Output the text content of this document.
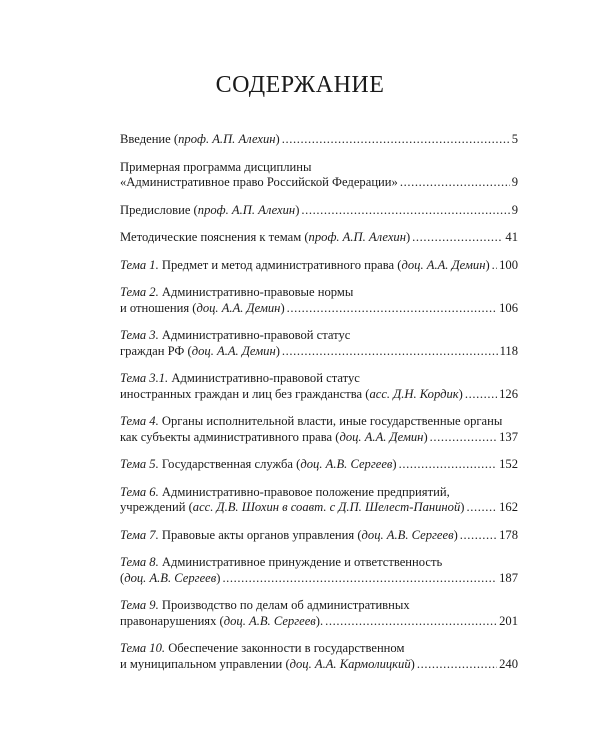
СОДЕРЖАНИЕ
Введение (проф. А.П. Алехин) .....	5
Примерная программа дисциплины
«Административное право Российской Федерации» .....	9
Предисловие (проф. А.П. Алехин) .....	9
Методические пояснения к темам (проф. А.П. Алехин) .....	41
Тема 1. Предмет и метод административного права (доц. А.А. Демин) ..... 100
Тема 2. Административно-правовые нормы
и отношения (доц. А.А. Демин) .....	106
Тема 3. Административно-правовой статус
граждан РФ (доц. А.А. Демин) .....	118
Тема 3.1. Административно-правовой статус
иностранных граждан и лиц без гражданства (асс. Д.Н. Кордик) .....	126
Тема 4. Органы исполнительной власти, иные государственные органы
как субъекты административного права (доц. А.А. Демин) .....	137
Тема 5. Государственная служба (доц. А.В. Сергеев) .....	152
Тема 6. Административно-правовое положение предприятий,
учреждений (асс. Д.В. Шохин в соавт. с Д.П. Шелест-Паниной) .....	162
Тема 7. Правовые акты органов управления (доц. А.В. Сергеев) .....	178
Тема 8. Административное принуждение и ответственность
(доц. А.В. Сергеев) .....	187
Тема 9. Производство по делам об административных
правонарушениях (доц. А.В. Сергеев). .....	201
Тема 10. Обеспечение законности в государственном
и муниципальном управлении (доц. А.А. Кармолицкий) .....	240
